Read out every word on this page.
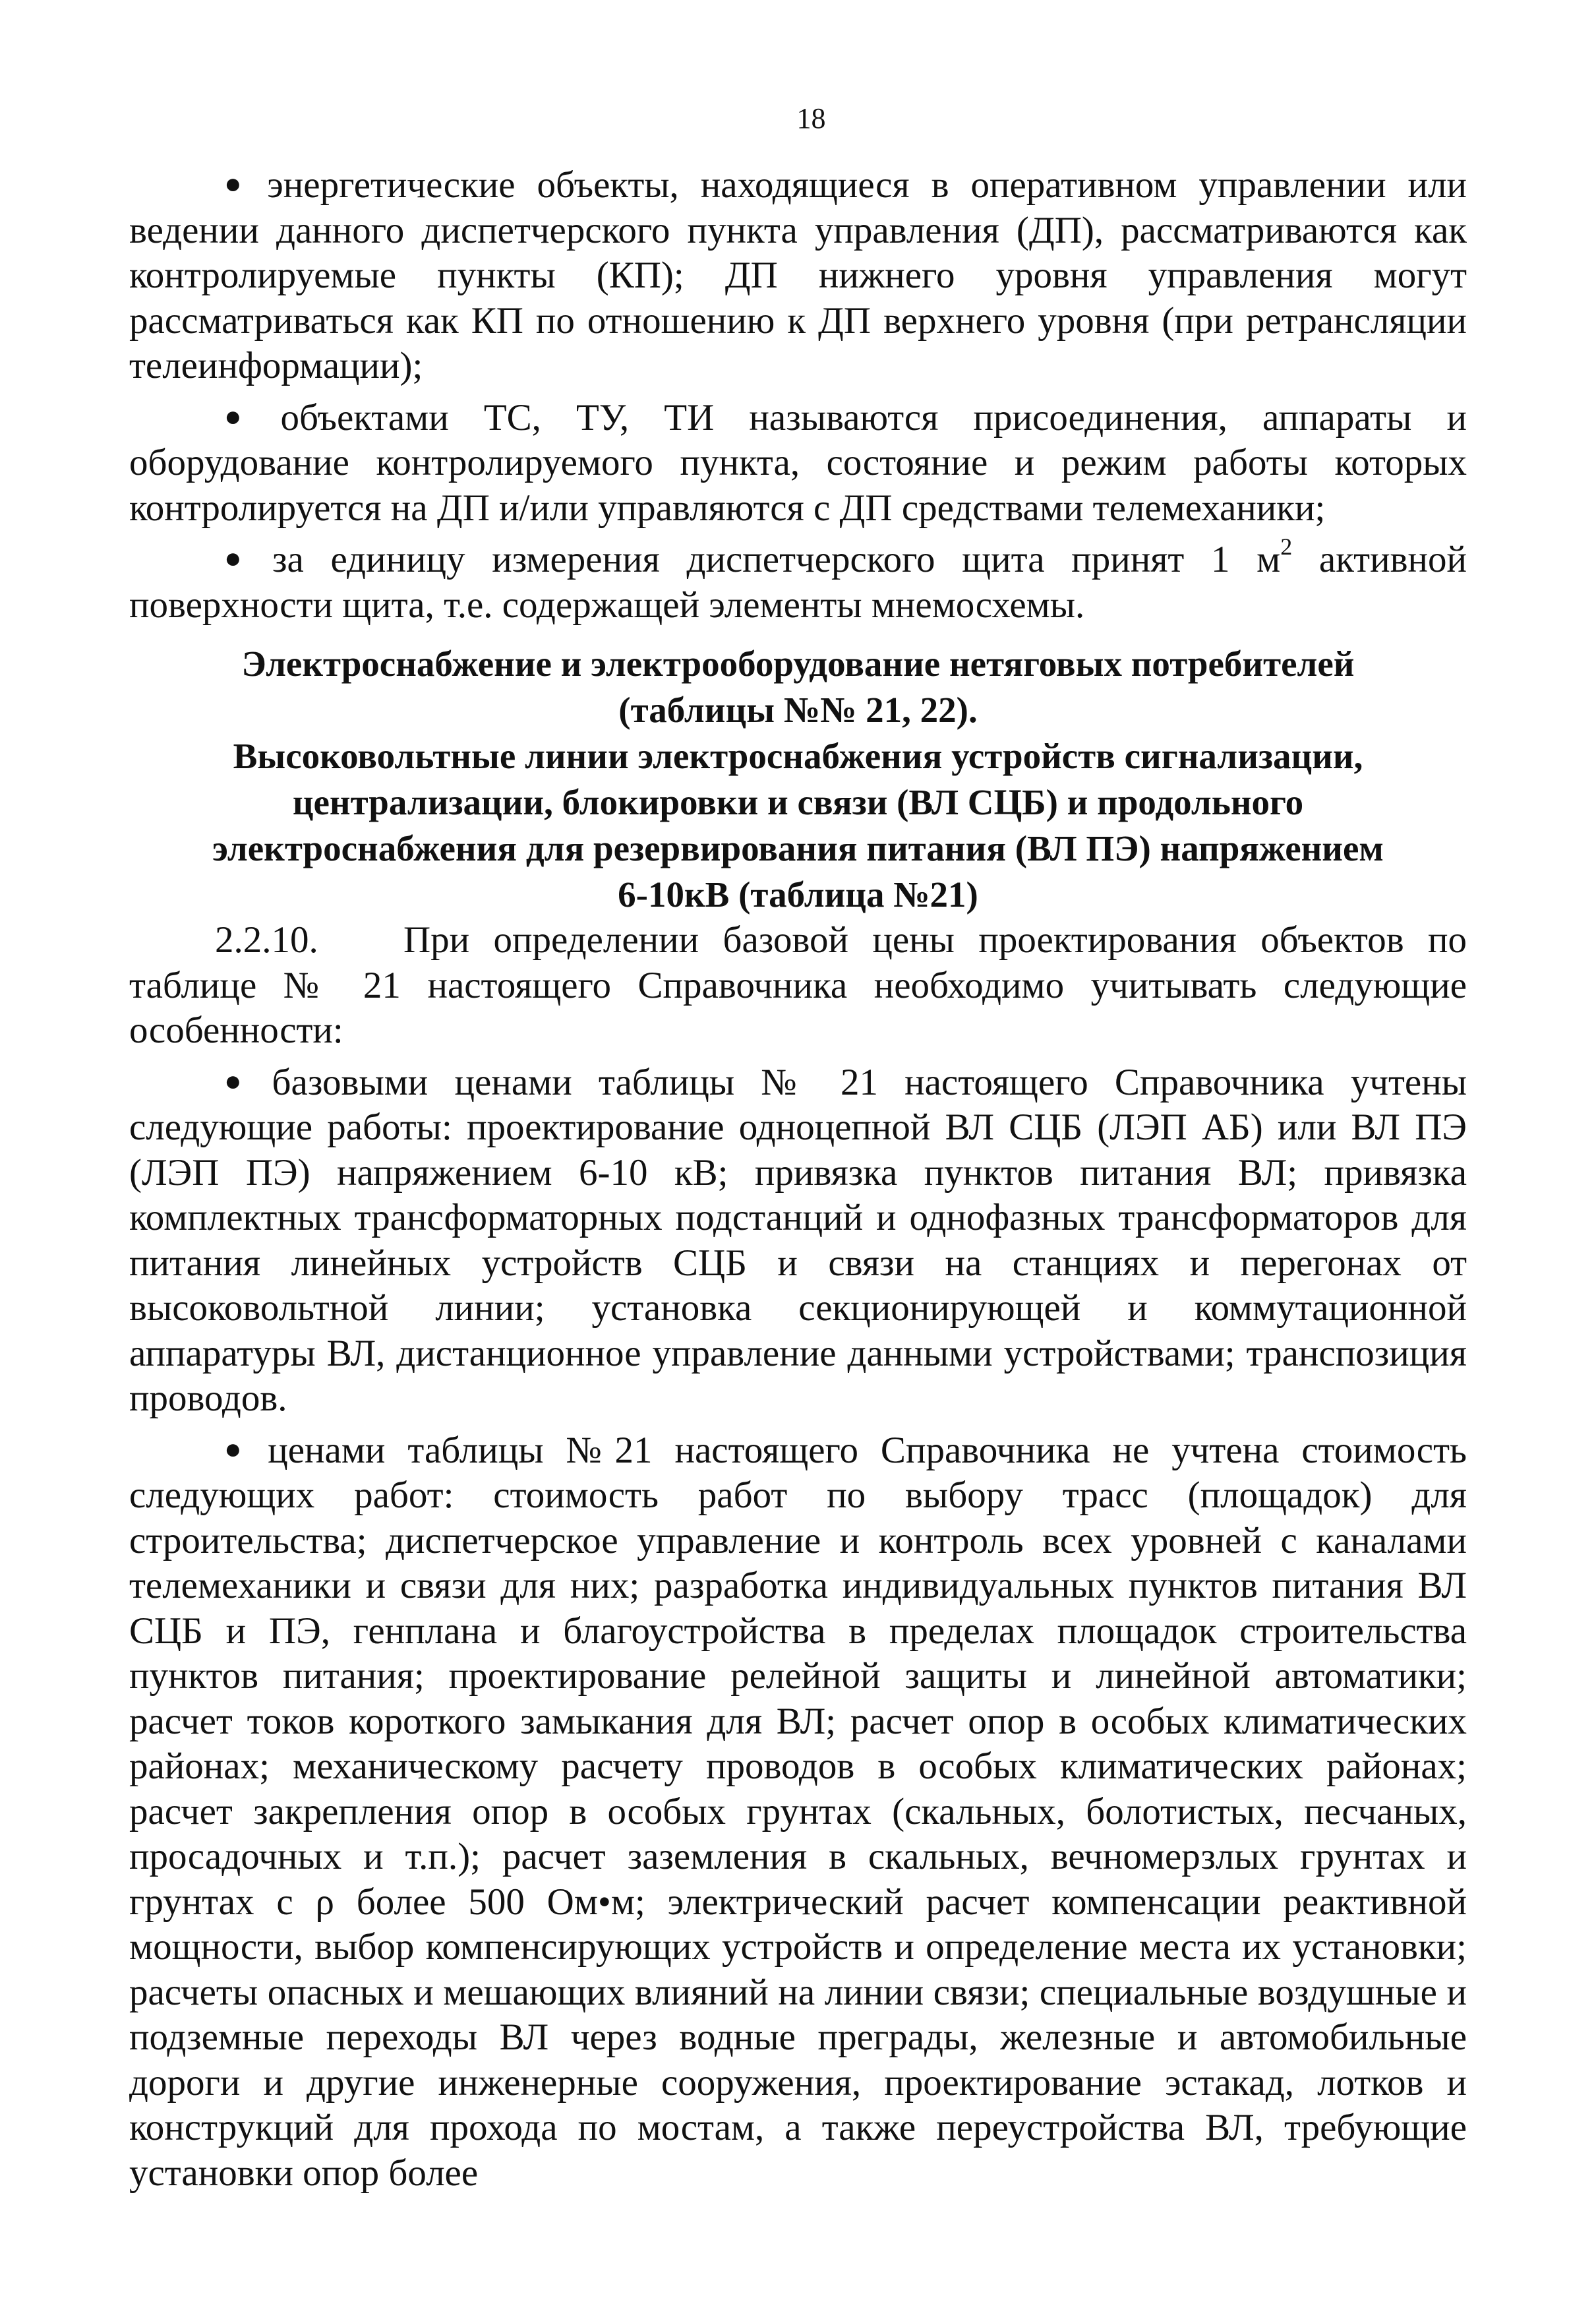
18

● энергетические объекты, находящиеся в оперативном управлении или ведении данного диспетчерского пункта управления (ДП), рассматриваются как контролируемые пункты (КП); ДП нижнего уровня управления могут рассматриваться как КП по отношению к ДП верхнего уровня (при ретрансляции телеинформации);

● объектами ТС, ТУ, ТИ называются присоединения, аппараты и оборудование контролируемого пункта, состояние и режим работы которых контролируется на ДП и/или управляются с ДП средствами телемеханики;

● за единицу измерения диспетчерского щита принят 1 $м^2$ активной поверхности щита, т.е. содержащей элементы мнемосхемы.

Электроснабжение и электрооборудование нетяговых потребителей

(таблицы №№ 21, 22).

Высоковольтные линии электроснабжения устройств сигнализации,

централизации, блокировки и связи (ВЛ СЦБ) и продольного

электроснабжения для резервирования питания (ВЛ ПЭ) напряжением

6-10кВ (таблица №21)

2.2.10. При определении базовой цены проектирования объектов по таблице № 21 настоящего Справочника необходимо учитывать следующие особенности:

● базовыми ценами таблицы № 21 настоящего Справочника учтены следующие работы: проектирование одноцепной ВЛ СЦБ (ЛЭП АБ) или ВЛ ПЭ (ЛЭП ПЭ) напряжением 6-10 кВ; привязка пунктов питания ВЛ; привязка комплектных трансформаторных подстанций и однофазных трансформаторов для питания линейных устройств СЦБ и связи на станциях и перегонах от высоковольтной линии; установка секционирующей и коммутационной аппаратуры ВЛ, дистанционное управление данными устройствами; транспозиция проводов.

● ценами таблицы №21 настоящего Справочника не учтена стоимость следующих работ: стоимость работ по выбору трасс (площадок) для строительства; диспетчерское управление и контроль всех уровней с каналами телемеханики и связи для них; разработка индивидуальных пунктов питания ВЛ СЦБ и ПЭ, генплана и благоустройства в пределах площадок строительства пунктов питания; проектирование релейной защиты и линейной автоматики; расчет токов короткого замыкания для ВЛ; расчет опор в особых климатических районах; механическому расчету проводов в особых климатических районах; расчет закрепления опор в особых грунтах (скальных, болотистых, песчаных, просадочных и т.п.); расчет заземления в скальных, вечномерзлых грунтах и грунтах с ρ более 500 Ом•м; электрический расчет компенсации реактивной мощности, выбор компенсирующих устройств и определение места их установки; расчеты опасных и мешающих влияний на линии связи; специальные воздушные и подземные переходы ВЛ через водные преграды, железные и автомобильные дороги и другие инженерные сооружения, проектирование эстакад, лотков и конструкций для прохода по мостам, а также переустройства ВЛ, требующие установки опор более
